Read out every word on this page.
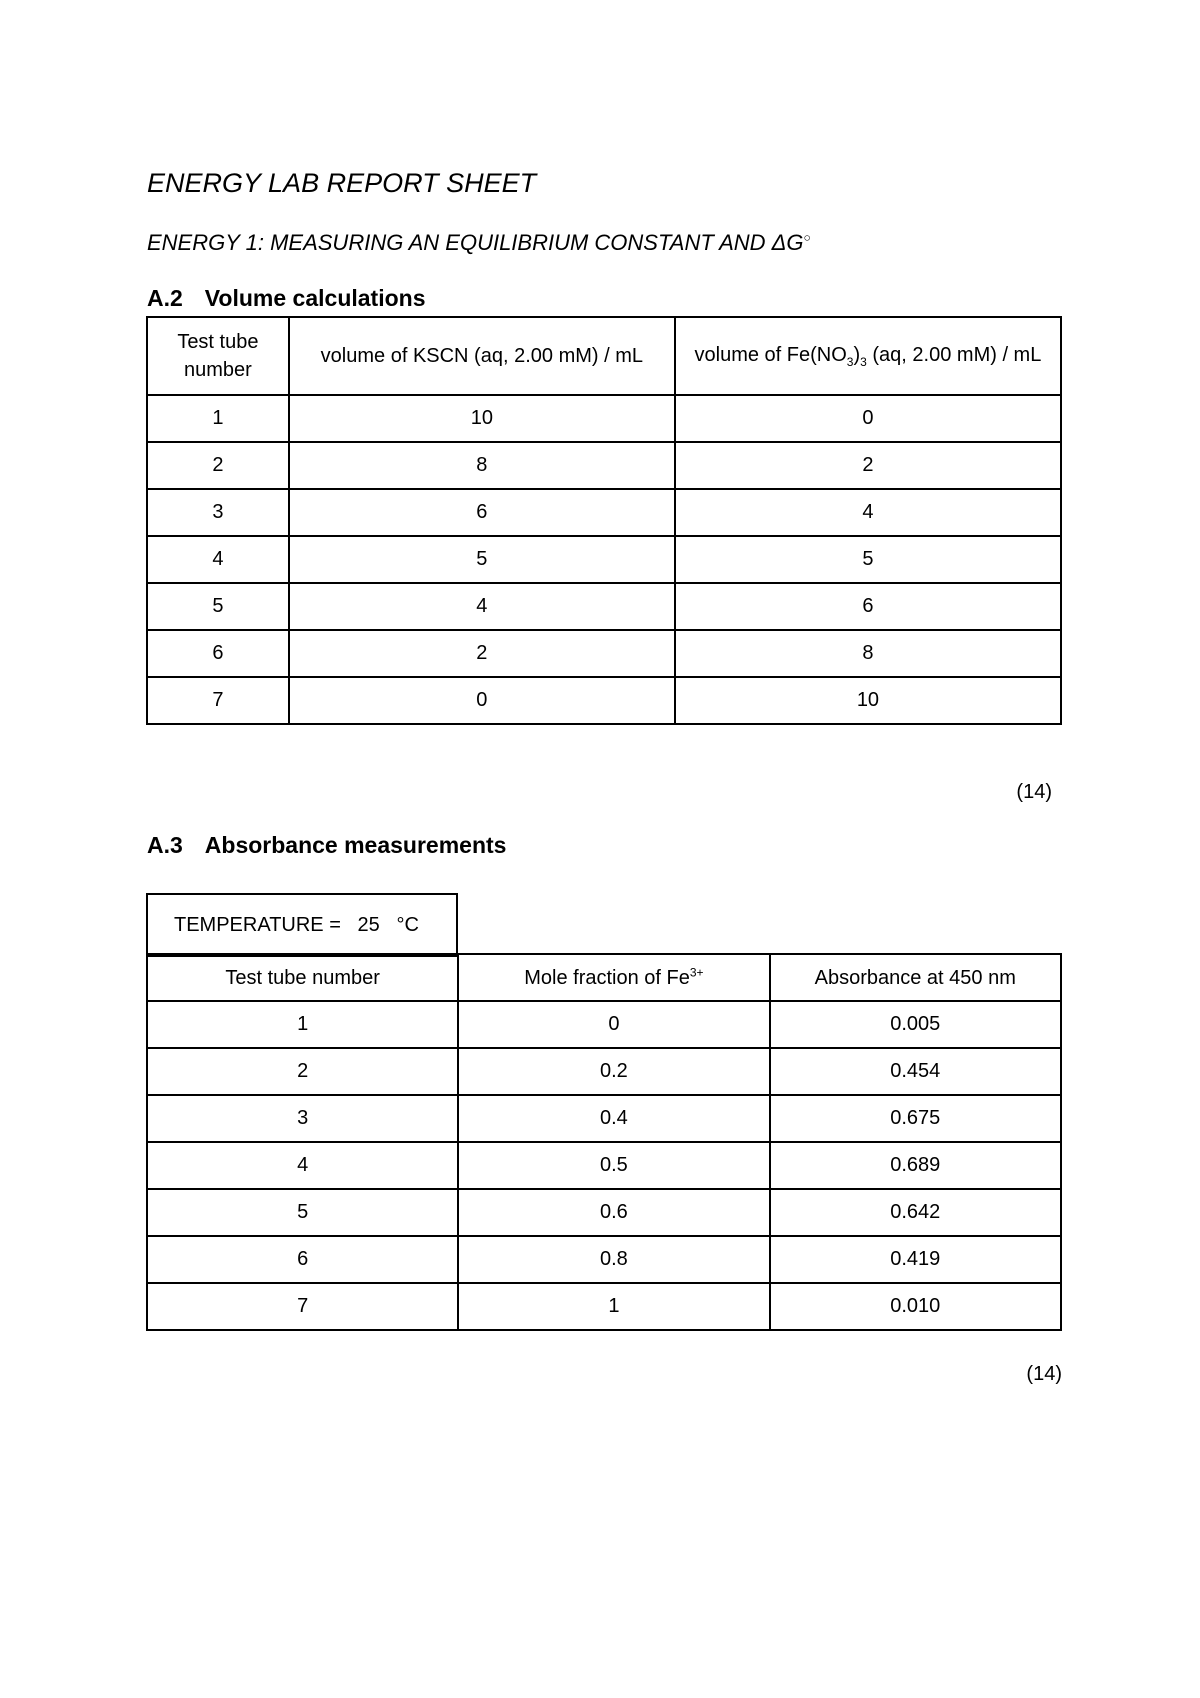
ENERGY LAB REPORT SHEET
ENERGY 1: MEASURING AN EQUILIBRIUM CONSTANT AND ΔG○
A.2 Volume calculations
Test tube number	volume of KSCN (aq, 2.00 mM) / mL	volume of $Fe(NO_3)_3$ (aq, 2.00 mM) / mL
1	10	0
2	8	2
3	6	4
4	5	5
5	4	6
6	2	8
7	0	10
(14)
A.3 Absorbance measurements
TEMPERATURE = 25 °C
Test tube number	Mole fraction of $Fe^{3+}$	Absorbance at 450 nm
1	0	0.005
2	0.2	0.454
3	0.4	0.675
4	0.5	0.689
5	0.6	0.642
6	0.8	0.419
7	1	0.010
(14)
